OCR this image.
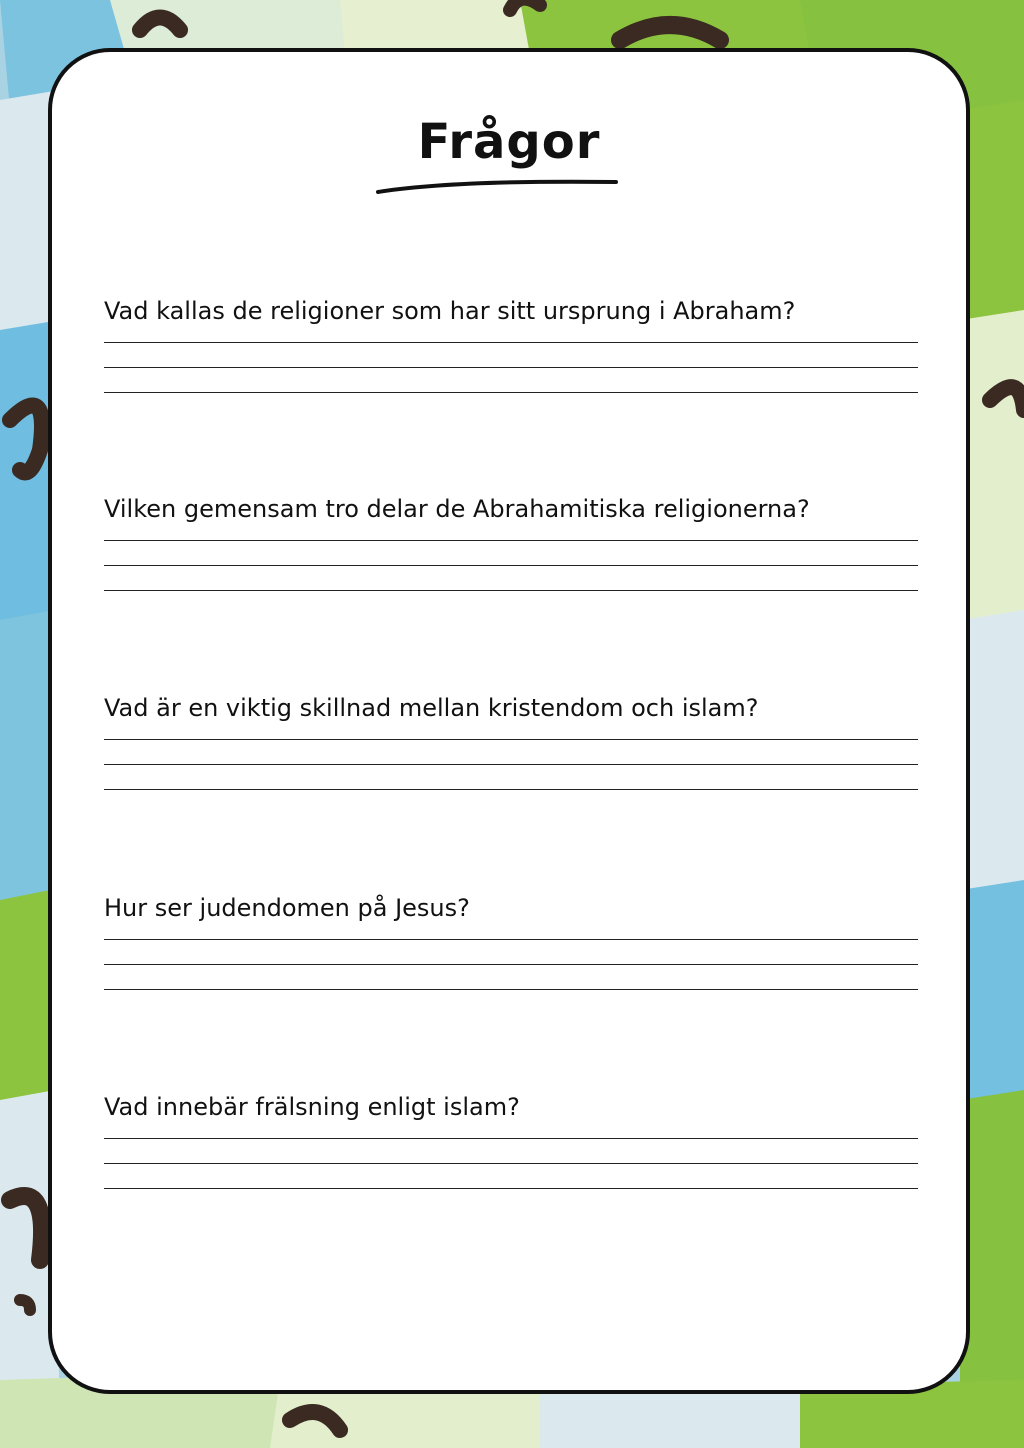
Frågor
Vad kallas de religioner som har sitt ursprung i Abraham?
Vilken gemensam tro delar de Abrahamitiska religionerna?
Vad är en viktig skillnad mellan kristendom och islam?
Hur ser judendomen på Jesus?
Vad innebär frälsning enligt islam?
